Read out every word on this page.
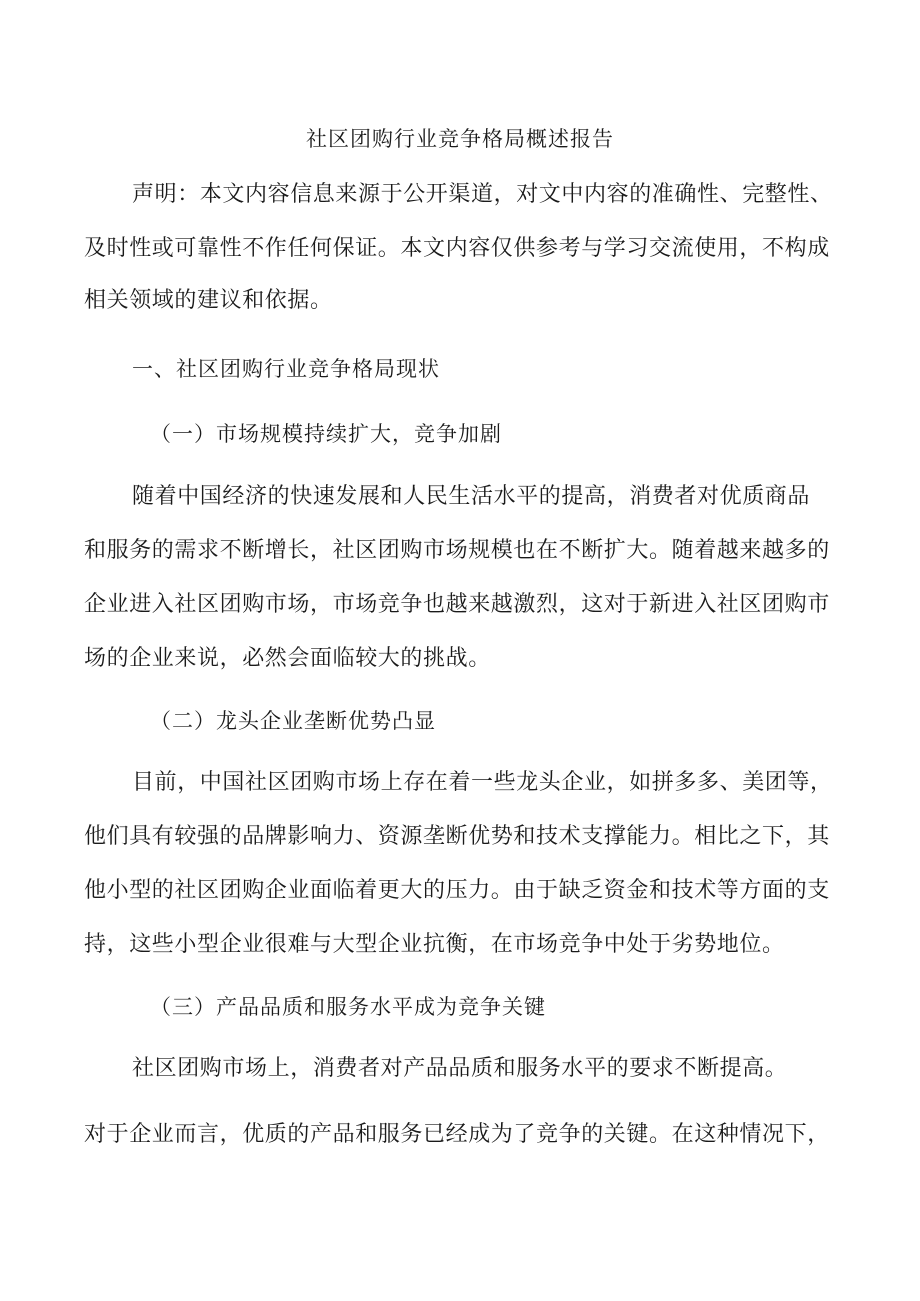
社区团购行业竞争格局概述报告
声明：本文内容信息来源于公开渠道，对文中内容的准确性、完整性、
及时性或可靠性不作任何保证。本文内容仅供参考与学习交流使用，不构成
相关领域的建议和依据。
一、社区团购行业竞争格局现状
（一）市场规模持续扩大，竞争加剧
随着中国经济的快速发展和人民生活水平的提高，消费者对优质商品
和服务的需求不断增长，社区团购市场规模也在不断扩大。随着越来越多的
企业进入社区团购市场，市场竞争也越来越激烈，这对于新进入社区团购市
场的企业来说，必然会面临较大的挑战。
（二）龙头企业垄断优势凸显
目前，中国社区团购市场上存在着一些龙头企业，如拼多多、美团等，
他们具有较强的品牌影响力、资源垄断优势和技术支撑能力。相比之下，其
他小型的社区团购企业面临着更大的压力。由于缺乏资金和技术等方面的支
持，这些小型企业很难与大型企业抗衡，在市场竞争中处于劣势地位。
（三）产品品质和服务水平成为竞争关键
社区团购市场上，消费者对产品品质和服务水平的要求不断提高。
对于企业而言，优质的产品和服务已经成为了竞争的关键。在这种情况下，
